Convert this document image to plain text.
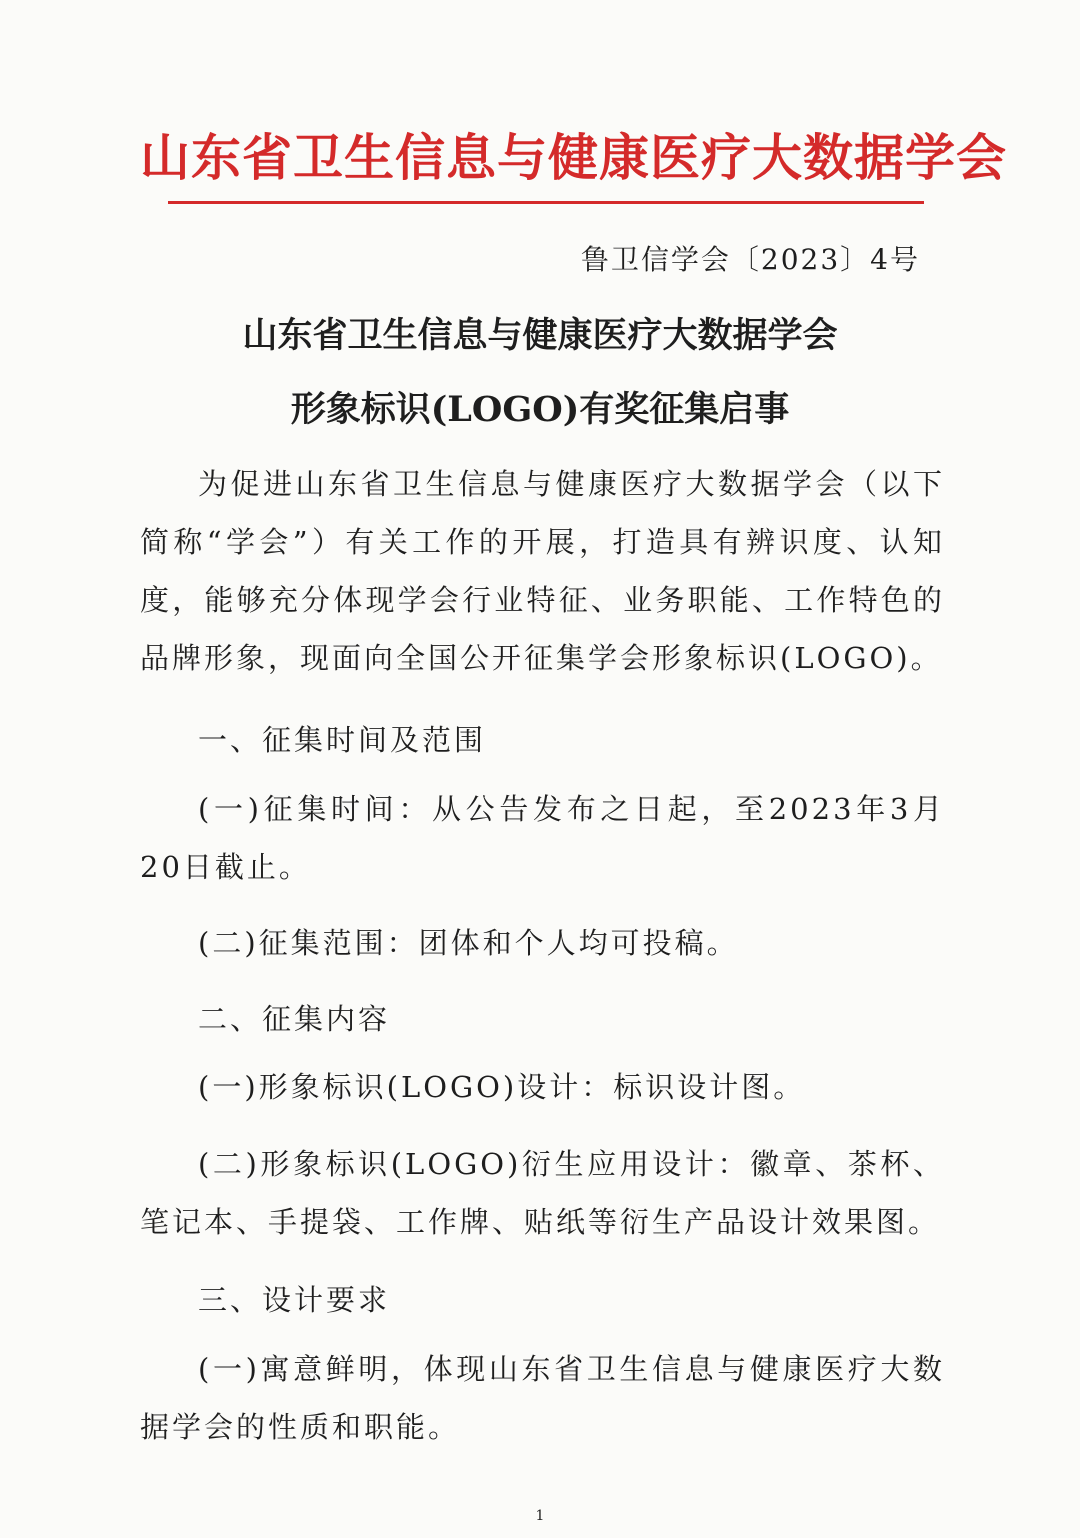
山东省卫生信息与健康医疗大数据学会
鲁卫信学会〔2023〕4号
山东省卫生信息与健康医疗大数据学会
形象标识(LOGO)有奖征集启事

为促进山东省卫生信息与健康医疗大数据学会（以下简称“学会”）有关工作的开展，打造具有辨识度、认知度，能够充分体现学会行业特征、业务职能、工作特色的品牌形象，现面向全国公开征集学会形象标识(LOGO)。

一、征集时间及范围

(一)征集时间：从公告发布之日起，至2023年3月20日截止。

(二)征集范围：团体和个人均可投稿。

二、征集内容

(一)形象标识(LOGO)设计：标识设计图。

(二)形象标识(LOGO)衍生应用设计：徽章、茶杯、笔记本、手提袋、工作牌、贴纸等衍生产品设计效果图。

三、设计要求

(一)寓意鲜明，体现山东省卫生信息与健康医疗大数据学会的性质和职能。

1
